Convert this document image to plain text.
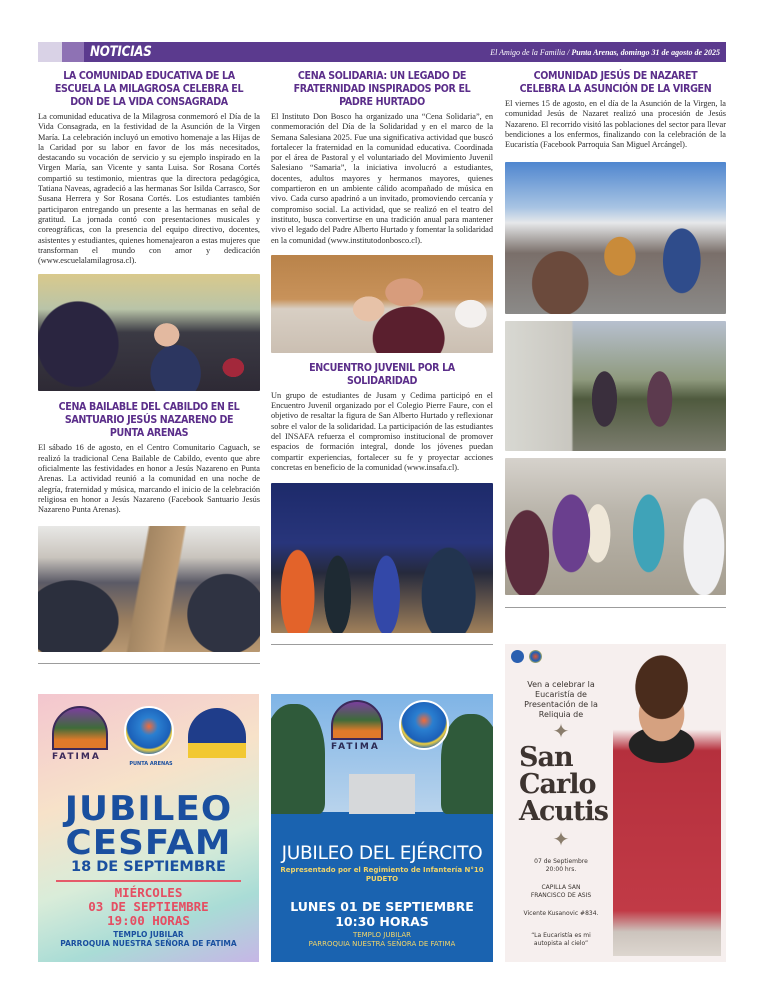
NOTICIAS	El Amigo de la Familia / Punta Arenas, domingo 31 de agosto de 2025
LA COMUNIDAD EDUCATIVA DE LA ESCUELA LA MILAGROSA CELEBRA EL DON DE LA VIDA CONSAGRADA

La comunidad educativa de la Milagrosa conmemoró el Día de la Vida Consagrada, en la festividad de la Asunción de la Virgen María. La celebración incluyó un emotivo homenaje a las Hijas de la Caridad por su labor en favor de los más necesitados, destacando su vocación de servicio y su ejemplo inspirado en la Virgen María, san Vicente y santa Luisa. Sor Rosana Cortés compartió su testimonio, mientras que la directora pedagógica, Tatiana Naveas, agradeció a las hermanas Sor Isilda Carrasco, Sor Susana Herrera y Sor Rosana Cortés. Los estudiantes también participaron entregando un presente a las hermanas en señal de gratitud. La jornada contó con presentaciones musicales y coreográficas, con la presencia del equipo directivo, docentes, asistentes y estudiantes, quienes homenajearon a estas mujeres que transforman el mundo con amor y dedicación (www.escuelalamilagrosa.cl).

CENA BAILABLE DEL CABILDO EN EL SANTUARIO JESÚS NAZARENO DE PUNTA ARENAS

El sábado 16 de agosto, en el Centro Comunitario Caguach, se realizó la tradicional Cena Bailable de Cabildo, evento que abre oficialmente las festividades en honor a Jesús Nazareno en Punta Arenas. La actividad reunió a la comunidad en una noche de alegría, fraternidad y música, marcando el inicio de la celebración religiosa en honor a Jesús Nazareno (Facebook Santuario Jesús Nazareno Punta Arenas).

CENA SOLIDARIA: UN LEGADO DE FRATERNIDAD INSPIRADOS POR EL PADRE HURTADO

El Instituto Don Bosco ha organizado una “Cena Solidaria”, en conmemoración del Día de la Solidaridad y en el marco de la Semana Salesiana 2025. Fue una significativa actividad que buscó fortalecer la fraternidad en la comunidad educativa. Coordinada por el área de Pastoral y el voluntariado del Movimiento Juvenil Salesiano “Samaria”, la iniciativa involucró a estudiantes, docentes, adultos mayores y hermanos mayores, quienes compartieron en un ambiente cálido acompañado de música en vivo. Cada curso apadrinó a un invitado, promoviendo cercanía y compromiso social. La actividad, que se realizó en el teatro del instituto, busca convertirse en una tradición anual para mantener vivo el legado del Padre Alberto Hurtado y fomentar la solidaridad en la comunidad (www.institutodonbosco.cl).

ENCUENTRO JUVENIL POR LA SOLIDARIDAD

Un grupo de estudiantes de Jusam y Cedima participó en el Encuentro Juvenil organizado por el Colegio Pierre Faure, con el objetivo de resaltar la figura de San Alberto Hurtado y reflexionar sobre el valor de la solidaridad. La participación de las estudiantes del INSAFA refuerza el compromiso institucional de promover espacios de formación integral, donde los jóvenes puedan compartir experiencias, fortalecer su fe y proyectar acciones concretas en beneficio de la comunidad (www.insafa.cl).

COMUNIDAD JESÚS DE NAZARET CELEBRA LA ASUNCIÓN DE LA VIRGEN

El viernes 15 de agosto, en el día de la Asunción de la Virgen, la comunidad Jesús de Nazaret realizó una procesión de Jesús Nazareno. El recorrido visitó las poblaciones del sector para llevar bendiciones a los enfermos, finalizando con la celebración de la Eucaristía (Facebook Parroquia San Miguel Arcángel).

FATIMA
PUNTA ARENAS
JUBILEO
CESFAM
18 DE SEPTIEMBRE
MIÉRCOLES
03 DE SEPTIEMBRE
19:00 HORAS
TEMPLO JUBILAR
PARROQUIA NUESTRA SEÑORA DE FATIMA
FATIMA
JUBILEO DEL EJÉRCITO
Representado por el Regimiento de Infantería N°10
PUDETO
LUNES 01 DE SEPTIEMBRE
10:30 HORAS
TEMPLO JUBILAR
PARROQUIA NUESTRA SEÑORA DE FATIMA
Ven a celebrar la
Eucaristía de
Presentación de la
Reliquia de
✦
San
Carlo
Acutis
✦
07 de Septiembre
20:00 hrs.
CAPILLA SAN
FRANCISCO DE ASIS
Vicente Kusanovic #834.
“La Eucaristía es mi
autopista al cielo”
